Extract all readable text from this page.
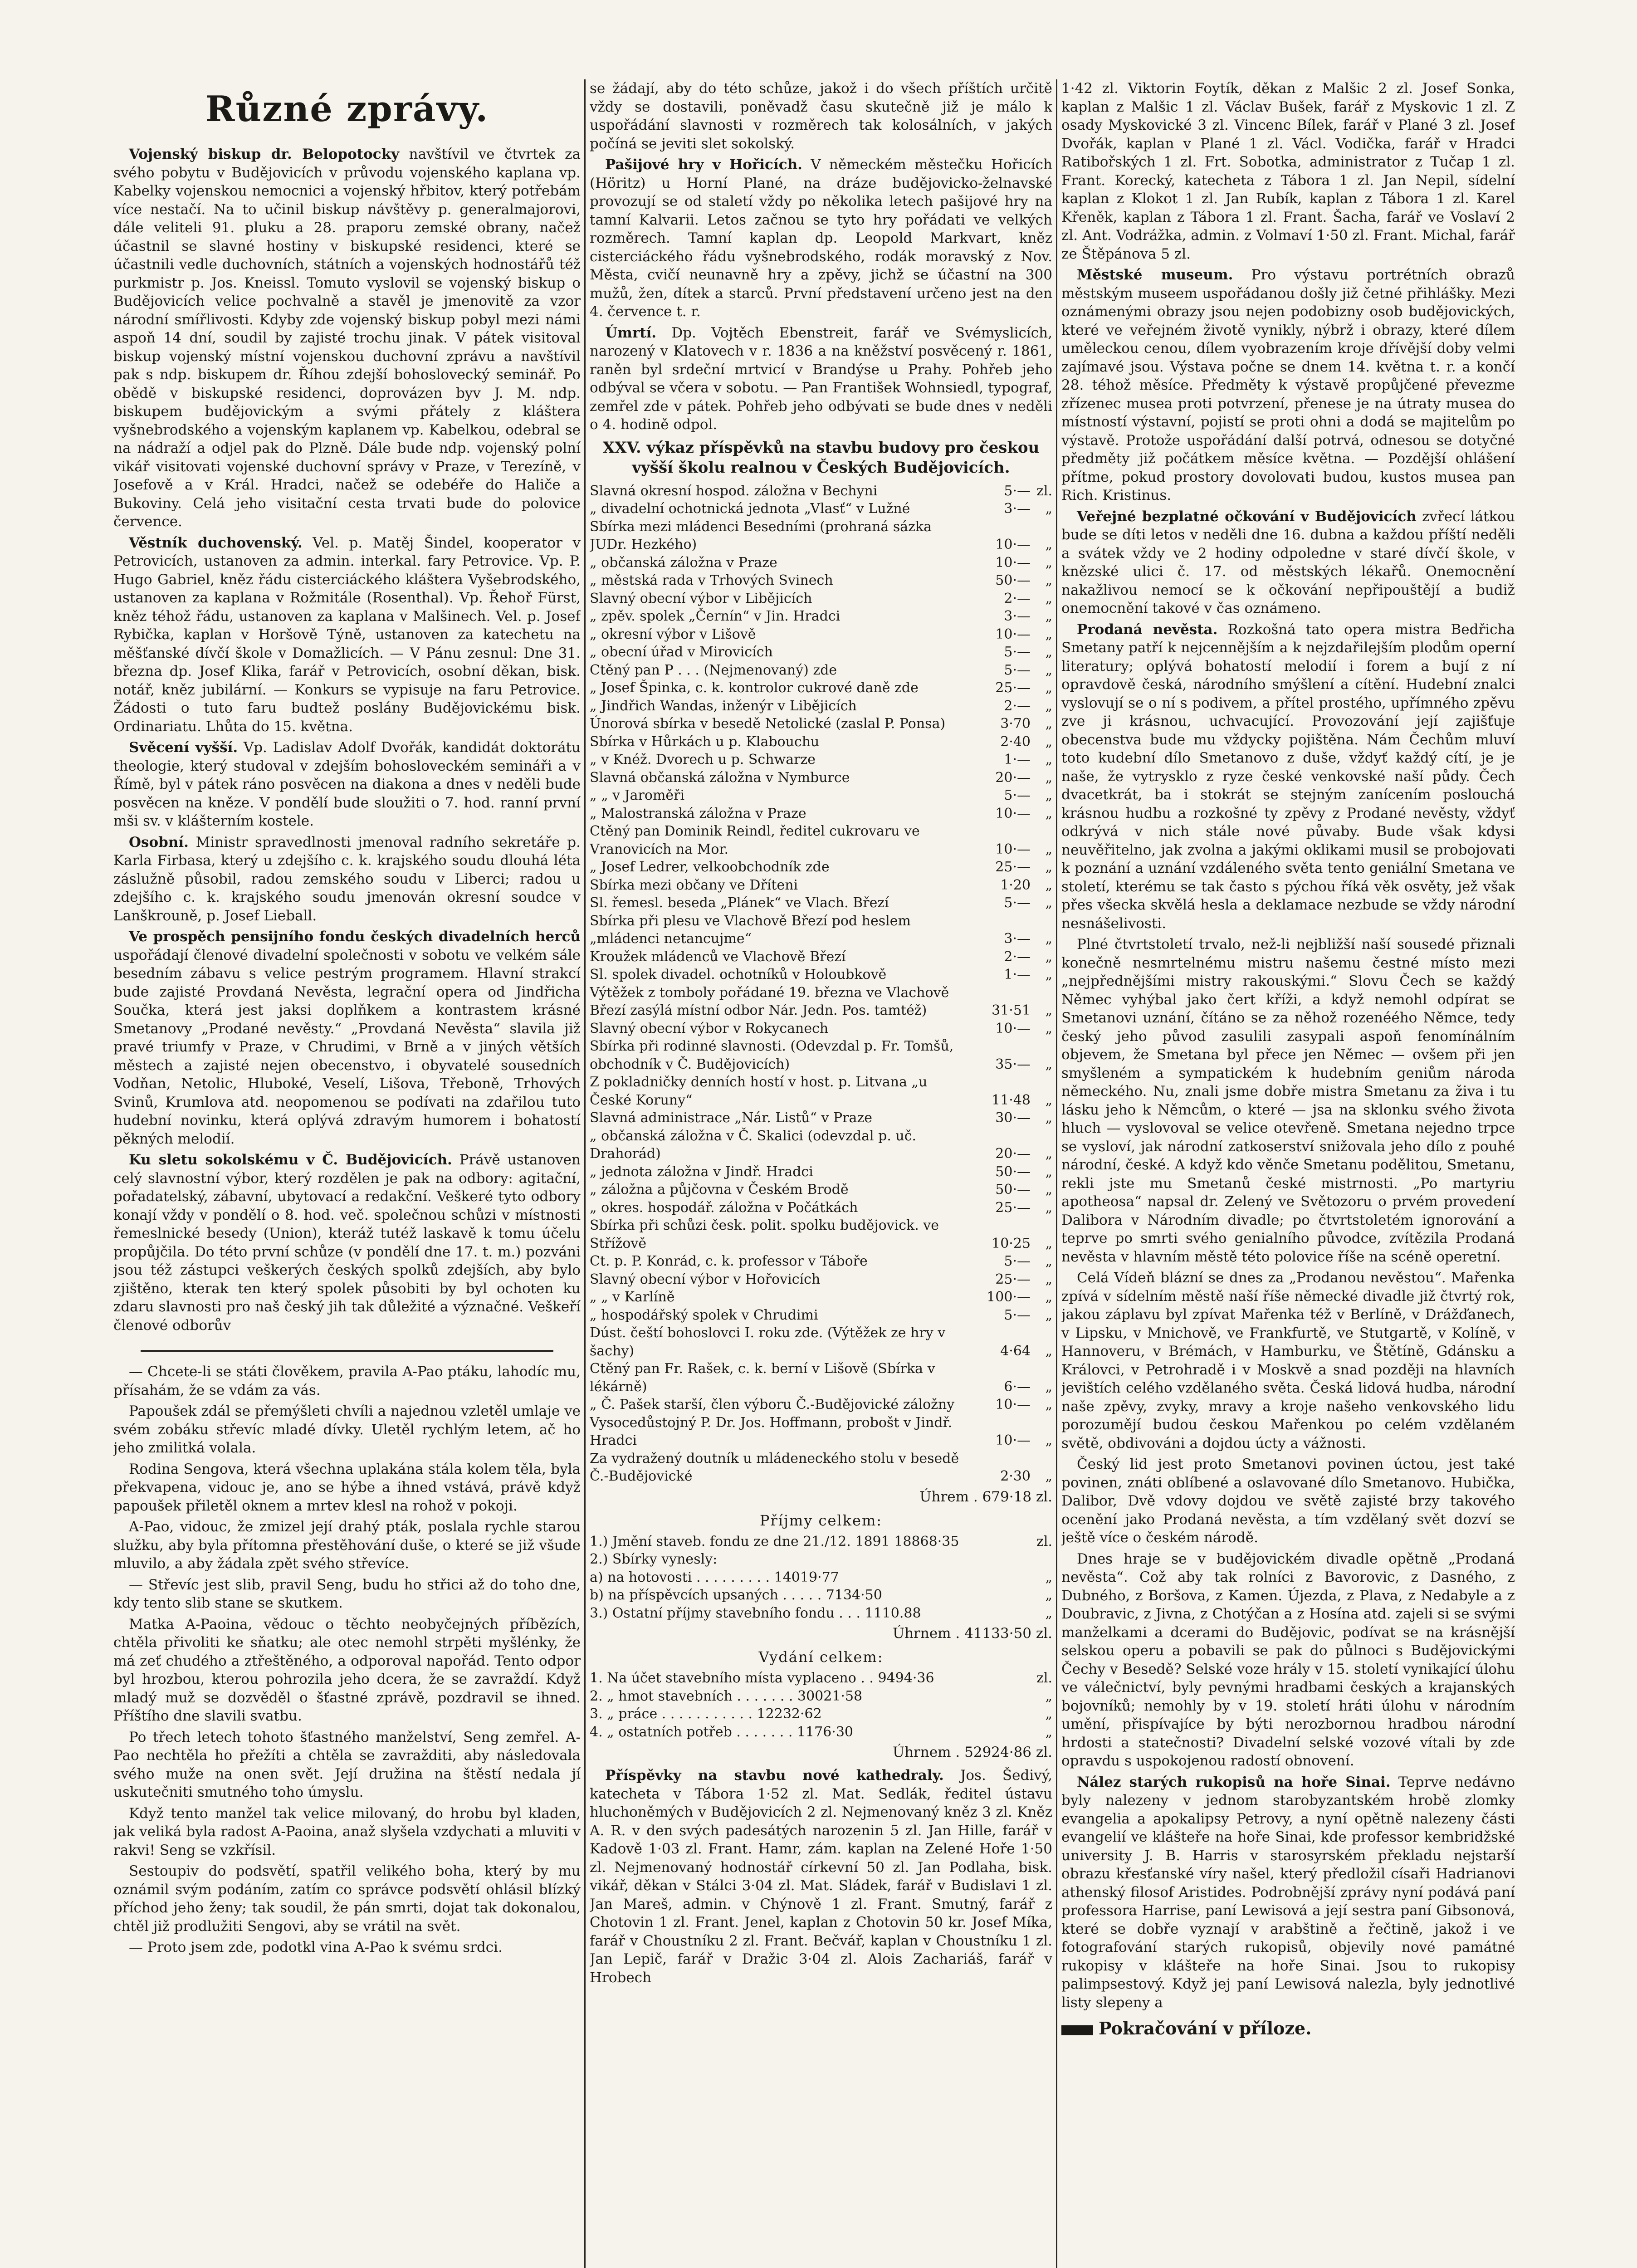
Různé zprávy.

Vojenský biskup dr. Belopotocky navštívil ve čtvrtek za svého pobytu v Budějovicích v průvodu vojenského kaplana vp. Kabelky vojenskou nemocnici a vojenský hřbitov, který potřebám více nestačí. Na to učinil biskup návštěvy p. generalmajorovi, dále veliteli 91. pluku a 28. praporu zemské obrany, načež účastnil se slavné hostiny v biskupské residenci, které se účastnili vedle duchovních, státních a vojenských hodnostářů též purkmistr p. Jos. Kneissl. Tomuto vyslovil se vojenský biskup o Budějovicích velice pochvalně a stavěl je jmenovitě za vzor národní smířlivosti. Kdyby zde vojenský biskup pobyl mezi námi aspoň 14 dní, soudil by zajisté trochu jinak. V pátek visitoval biskup vojenský místní vojenskou duchovní zprávu a navštívil pak s ndp. biskupem dr. Říhou zdejší bohoslovecký seminář. Po obědě v biskupské residenci, doprovázen byv J. M. ndp. biskupem budějovickým a svými přátely z kláštera vyšnebrodského a vojenským kaplanem vp. Kabelkou, odebral se na nádraží a odjel pak do Plzně. Dále bude ndp. vojenský polní vikář visitovati vojenské duchovní správy v Praze, v Terezíně, v Josefově a v Král. Hradci, načež se odebéře do Haliče a Bukoviny. Celá jeho visitační cesta trvati bude do polovice července.

Věstník duchovenský. Vel. p. Matěj Šindel, kooperator v Petrovicích, ustanoven za admin. interkal. fary Petrovice. Vp. P. Hugo Gabriel, kněz řádu cisterciáckého kláštera Vyšebrodského, ustanoven za kaplana v Rožmitále (Rosenthal). Vp. Řehoř Fürst, kněz téhož řádu, ustanoven za kaplana v Malšinech. Vel. p. Josef Rybička, kaplan v Horšově Týně, ustanoven za katechetu na měšťanské dívčí škole v Domažlicích. — V Pánu zesnul: Dne 31. března dp. Josef Klika, farář v Petrovicích, osobní děkan, bisk. notář, kněz jubilární. — Konkurs se vypisuje na faru Petrovice. Žádosti o tuto faru budtež poslány Budějovickému bisk. Ordinariatu. Lhůta do 15. května.

Svěcení vyšší. Vp. Ladislav Adolf Dvořák, kandidát doktorátu theologie, který studoval v zdejším bohosloveckém semináři a v Římě, byl v pátek ráno posvěcen na diakona a dnes v neděli bude posvěcen na kněze. V pondělí bude sloužiti o 7. hod. ranní první mši sv. v klášterním kostele.

Osobní. Ministr spravedlnosti jmenoval radního sekretáře p. Karla Firbasa, který u zdejšího c. k. krajského soudu dlouhá léta záslužně působil, radou zemského soudu v Liberci; radou u zdejšího c. k. krajského soudu jmenován okresní soudce v Lanškrouně, p. Josef Lieball.

Ve prospěch pensijního fondu českých divadelních herců uspořádají členové divadelní společnosti v sobotu ve velkém sále besedním zábavu s velice pestrým programem. Hlavní strakcí bude zajisté Provdaná Nevěsta, legrační opera od Jindřicha Součka, která jest jaksi doplňkem a kontrastem krásné Smetanovy „Prodané nevěsty.“ „Provdaná Nevěsta“ slavila již pravé triumfy v Praze, v Chrudimi, v Brně a v jiných větších městech a zajisté nejen obecenstvo, i obyvatelé sousedních Vodňan, Netolic, Hluboké, Veselí, Lišova, Třeboně, Trhových Svinů, Krumlova atd. neopomenou se podívati na zdařilou tuto hudební novinku, která oplývá zdravým humorem i bohatostí pěkných melodií.

Ku sletu sokolskému v Č. Budějovicích. Právě ustanoven celý slavnostní výbor, který rozdělen je pak na odbory: agitační, pořadatelský, zábavní, ubytovací a redakční. Veškeré tyto odbory konají vždy v pondělí o 8. hod. več. společnou schůzi v místnosti řemeslnické besedy (Union), kteráž tutéž laskavě k tomu účelu propůjčila. Do této první schůze (v pondělí dne 17. t. m.) pozváni jsou též zástupci veškerých českých spolků zdejších, aby bylo zjištěno, kterak ten který spolek působiti by byl ochoten ku zdaru slavnosti pro naš český jih tak důležité a význačné. Veškeří členové odborův

— Chcete-li se státi člověkem, pravila A-Pao ptáku, lahodíc mu, přísahám, že se vdám za vás.

Papoušek zdál se přemýšleti chvíli a najednou vzletěl umlaje ve svém zobáku střevíc mladé dívky. Uletěl rychlým letem, ač ho jeho zmilitká volala.

Rodina Sengova, která všechna uplakána stála kolem těla, byla překvapena, vidouc je, ano se hýbe a ihned vstává, právě když papoušek přiletěl oknem a mrtev klesl na rohož v pokoji.

A-Pao, vidouc, že zmizel její drahý pták, poslala rychle starou služku, aby byla přítomna přestěhování duše, o které se již všude mluvilo, a aby žádala zpět svého střevíce.

— Střevíc jest slib, pravil Seng, budu ho střici až do toho dne, kdy tento slib stane se skutkem.

Matka A-Paoina, vědouc o těchto neobyčejných příbězích, chtěla přivoliti ke sňatku; ale otec nemohl strpěti myšlénky, že má zeť chudého a ztřeštěného, a odporoval napořád. Tento odpor byl hrozbou, kterou pohrozila jeho dcera, že se zavraždí. Když mladý muž se dozvěděl o šťastné zprávě, pozdravil se ihned. Příštího dne slavili svatbu.

Po třech letech tohoto šťastného manželství, Seng zemřel. A-Pao nechtěla ho přežíti a chtěla se zavražditi, aby následovala svého muže na onen svět. Její družina na štěstí nedala jí uskutečniti smutného toho úmyslu.

Když tento manžel tak velice milovaný, do hrobu byl kladen, jak veliká byla radost A-Paoina, anaž slyšela vzdychati a mluviti v rakvi! Seng se vzkřísil.

Sestoupiv do podsvětí, spatřil velikého boha, který by mu oznámil svým podáním, zatím co správce podsvětí ohlásil blízký příchod jeho ženy; tak soudil, že pán smrti, dojat tak dokonalou, chtěl již prodlužiti Sengovi, aby se vrátil na svět.

— Proto jsem zde, podotkl vina A-Pao k svému srdci.

se žádají, aby do této schůze, jakož i do všech příštích určitě vždy se dostavili, poněvadž času skutečně již je málo k uspořádání slavnosti v rozměrech tak kolosálních, v jakých počíná se jeviti slet sokolský.

Pašijové hry v Hořicích. V německém městečku Hořicích (Höritz) u Horní Plané, na dráze budějovicko-želnavské provozují se od staletí vždy po několika letech pašijové hry na tamní Kalvarii. Letos začnou se tyto hry pořádati ve velkých rozměrech. Tamní kaplan dp. Leopold Markvart, kněz cisterciáckého řádu vyšnebrodského, rodák moravský z Nov. Města, cvičí neunavně hry a zpěvy, jichž se účastní na 300 mužů, žen, dítek a starců. První představení určeno jest na den 4. července t. r.

Úmrtí. Dp. Vojtěch Ebenstreit, farář ve Svémyslicích, narozený v Klatovech v r. 1836 a na kněžství posvěcený r. 1861, raněn byl srdeční mrtvicí v Brandýse u Prahy. Pohřeb jeho odbýval se včera v sobotu. — Pan František Wohnsiedl, typograf, zemřel zde v pátek. Pohřeb jeho odbývati se bude dnes v neděli o 4. hodině odpol.

XXV. výkaz příspěvků na stavbu budovy pro českou vyšší školu realnou v Českých Budějovicích.
Slavná okresní hospod. záložna v Bechyni	5·— zl.
„ divadelní ochotnická jednota „Vlasť“ v Lužné	3·—	„
Sbírka mezi mládenci Besedními (prohraná sázka JUDr. Hezkého)	10·—	„
„ občanská záložna v Praze	10·—	„
„ městská rada v Trhových Svinech	50·—	„
Slavný obecní výbor v Liběјicích	2·—	„
„ zpěv. spolek „Černín“ v Jin. Hradci	3·—	„
„ okresní výbor v Lišově	10·—	„
„ obecní úřad v Mirovicích	5·—	„
Ctěný pan P . . . (Nejmenovaný) zde	5·—	„
„ Josef Špinka, c. k. kontrolor cukrové daně zde	25·—	„
„ Jindřich Wandas, inženýr v Liběјicích	2·—	„
Únorová sbírka v besedě Netolické (zaslal P. Ponsa)	3·70	„
Sbírka v Hůrkách u p. Klabouchu	2·40	„
„ v Knéž. Dvorech u p. Schwarze	1·—	„
Slavná občanská záložna v Nymburce	20·—	„
„ „ v Jaroměři	5·—	„
„ Malostranská záložna v Praze	10·—	„
Ctěný pan Dominik Reindl, ředitel cukrovaru ve Vranovicích na Mor.	10·—	„
„ Josef Ledrer, velkoobchodník zde	25·—	„
Sbírka mezi občany ve Dříteni	1·20	„
Sl. řemesl. beseda „Plánek“ ve Vlach. Březí	5·—	„
Sbírka při plesu ve Vlachově Březí pod heslem „mládenci netancujme“	3·—	„
Kroužek mládenců ve Vlachově Březí	2·—	„
Sl. spolek divadel. ochotníků v Holoubkově	1·—	„
Výtěžek z tomboly pořádané 19. března ve Vlachově Březí zasýlá místní odbor Nár. Jedn. Pos. tamtéž)	31·51	„
Slavný obecní výbor v Rokycanech	10·—	„
Sbírka při rodinné slavnosti. (Odevzdal p. Fr. Tomšů, obchodník v Č. Budějovicích)	35·—	„
Z pokladničky denních hostí v host. p. Litvana „u České Koruny“	11·48	„
Slavná administrace „Nár. Listů“ v Praze	30·—	„
„ občanská záložna v Č. Skalici (odevzdal p. uč. Drahorád)	20·—	„
„ jednota záložna v Jindř. Hradci	50·—	„
„ záložna a půjčovna v Českém Brodě	50·—	„
„ okres. hospodář. záložna v Počátkách	25·—	„
Sbírka při schůzi česk. polit. spolku budějovick. ve Střížově	10·25	„
Ct. p. P. Konrád, c. k. professor v Táboře	5·—	„
Slavný obecní výbor v Hořovicích	25·—	„
„ „ v Karlíně	100·—	„
„ hospodářský spolek v Chrudimi	5·—	„
Dúst. čeští bohoslovci I. roku zde. (Výtěžek ze hry v šachy)	4·64	„
Ctěný pan Fr. Rašek, c. k. berní v Lišově (Sbírka v lékárně)	6·—	„
„ Č. Pašek starší, člen výboru Č.-Budějovické záložny	10·—	„
Vysocedůstojný P. Dr. Jos. Hoffmann, probošt v Jindř. Hradci	10·—	„
Za vydražený doutník u mládeneckého stolu v besedě Č.-Budějovické	2·30	„
Úhrem . 679·18 zl.
Příjmy celkem:
1.) Jmění staveb. fondu ze dne 21./12. 1891 18868·35	zl.
2.) Sbírky vynesly:
a) na hotovosti . . . . . . . . . 14019·77	„
b) na příspěvcích upsaných . . . . . 7134·50	„
3.) Ostatní příjmy stavebního fondu . . . 1110.88	„
Úhrnem . 41133·50 zl.
Vydání celkem:
1. Na účet stavebního místa vyplaceno . . 9494·36	zl.
2. „ hmot stavebních . . . . . . . 30021·58	„
3. „ práce . . . . . . . . . . . 12232·62	„
4. „ ostatních potřeb . . . . . . . 1176·30	„
Úhrnem . 52924·86 zl.

Příspěvky na stavbu nové kathedraly. Jos. Šedivý, katecheta v Tábora 1·52 zl. Mat. Sedlák, ředitel ústavu hluchoněmých v Budějovicích 2 zl. Nejmenovaný kněz 3 zl. Kněz A. R. v den svých padesátých narozenin 5 zl. Jan Hille, farář v Kadově 1·03 zl. Frant. Hamr, zám. kaplan na Zelené Hoře 1·50 zl. Nejmenovaný hodnostář církevní 50 zl. Jan Podlaha, bisk. vikář, děkan v Stálci 3·04 zl. Mat. Sládek, farář v Budislavi 1 zl. Jan Mareš, admin. v Chýnově 1 zl. Frant. Smutný, farář z Chotovin 1 zl. Frant. Jenel, kaplan z Chotovin 50 kr. Josef Míka, farář v Choustníku 2 zl. Frant. Bečvář, kaplan v Choustníku 1 zl. Jan Lepič, farář v Dražic 3·04 zl. Alois Zachariáš, farář v Hrobech

1·42 zl. Viktorin Foytík, děkan z Malšic 2 zl. Josef Sonka, kaplan z Malšic 1 zl. Václav Bušek, farář z Myskovic 1 zl. Z osady Myskovické 3 zl. Vincenc Bílek, farář v Plané 3 zl. Josef Dvořák, kaplan v Plané 1 zl. Václ. Vodička, farář v Hradci Ratibořských 1 zl. Frt. Sobotka, administrator z Tučap 1 zl. Frant. Korecký, katecheta z Tábora 1 zl. Jan Nepil, sídelní kaplan z Klokot 1 zl. Jan Rubík, kaplan z Tábora 1 zl. Karel Křeněk, kaplan z Tábora 1 zl. Frant. Šacha, farář ve Voslaví 2 zl. Ant. Vodrážka, admin. z Volmaví 1·50 zl. Frant. Michal, farář ze Štěpánova 5 zl.

Městské museum. Pro výstavu portrétních obrazů městským museem uspořádanou došly již četné přihlášky. Mezi oznámenými obrazy jsou nejen podobizny osob budějovických, které ve veřejném životě vynikly, nýbrž i obrazy, které dílem uměleckou cenou, dílem vyobrazením kroje dřívější doby velmi zajímavé jsou. Výstava počne se dnem 14. května t. r. a končí 28. téhož měsíce. Předměty k výstavě propůjčené převezme zřízenec musea proti potvrzení, přenese je na útraty musea do místností výstavní, pojistí se proti ohni a dodá se majitelům po výstavě. Protože uspořádání další potrvá, odnesou se dotyčné předměty již počátkem měsíce května. — Pozdější ohlášení přítme, pokud prostory dovolovati budou, kustos musea pan Rich. Kristinus.

Veřejné bezplatné očkování v Budějovicích zvřecí látkou bude se díti letos v neděli dne 16. dubna a každou příští neděli a svátek vždy ve 2 hodiny odpoledne v staré dívčí škole, v knězské ulici č. 17. od městských lékařů. Onemocnění nakažlivou nemocí se k očkování nepřipouštějí a budiž onemocnění takové v čas oznámeno.

Prodaná nevěsta. Rozkošná tato opera mistra Bedřicha Smetany patří k nejcennějším a k nejzdařilejším plodům operní literatury; oplývá bohatostí melodií i forem a bují z ní opravdově česká, národního smýšlení a cítění. Hudební znalci vyslovují se o ní s podivem, a přítel prostého, upřímného zpěvu zve ji krásnou, uchvacující. Provozování její zajišťuje obecenstva bude mu vždycky pojištěna. Nám Čechům mluví toto kudební dílo Smetanovo z duše, vždyť každý cítí, je je naše, že vytrysklo z ryze české venkovské naší půdy. Čech dvacetkrát, ba i stokrát se stejným zanícením poslouchá krásnou hudbu a rozkošné ty zpěvy z Prodané nevěsty, vždyť odkrývá v nich stále nové půvaby. Bude však kdysi neuvěřitelno, jak zvolna a jakými oklikami musil se probojovati k poznání a uznání vzdáleného světa tento geniální Smetana ve století, kterému se tak často s pýchou říká věk osvěty, jež však přes všecka skvělá hesla a deklamace nezbude se vždy národní nesnášelivosti.

Plné čtvrtstoletí trvalo, než-li nejbližší naší sousedé přiznali konečně nesmrtelnému mistru našemu čestné místo mezi „nejpřednějšími mistry rakouskými.“ Slovu Čech se každý Němec vyhýbal jako čert kříži, a když nemohl odpírat se Smetanovi uznání, čítáno se za něhož rozenéého Němce, tedy český jeho původ zasulili zasypali aspoň fenomínálním objevem, že Smetana byl přece jen Němec — ovšem při jen smyšleném a sympatickém k hudebním geniům národa německého. Nu, znali jsme dobře mistra Smetanu za živa i tu lásku jeho k Němcům, o které — jsa na sklonku svého života hluch — vyslovoval se velice otevřeně. Smetana nejedno trpce se vysloví, jak národní zatkoserství snižovala jeho dílo z pouhé národní, české. A když kdo věnče Smetanu podělitou, Smetanu, rekli jste mu Smetanů české mistrnosti. „Po martyriu apotheosa“ napsal dr. Zelený ve Světozoru o prvém provedení Dalibora v Národním divadle; po čtvrtstoletém ignorování a teprve po smrti svého genialního původce, zvítězila Prodaná nevěsta v hlavním městě této polovice říše na scéně operetní.

Celá Vídeň blázní se dnes za „Prodanou nevěstou“. Mařenka zpívá v sídelním městě naší říše německé divadle již čtvrtý rok, jakou záplavu byl zpívat Mařenka též v Berlíně, v Drážďanech, v Lipsku, v Mnichově, ve Frankfurtě, ve Stutgartě, v Kolíně, v Hannoveru, v Brémách, v Hamburku, ve Štětíně, Gdánsku a Královci, v Petrohradě i v Moskvě a snad později na hlavních jevištích celého vzdělaného světa. Česká lidová hudba, národní naše zpěvy, zvyky, mravy a kroje našeho venkovského lidu porozumějí budou českou Mařenkou po celém vzdělaném světě, obdivováni a dojdou úcty a vážnosti.

Český lid jest proto Smetanovi povinen úctou, jest také povinen, znáti oblíbené a oslavované dílo Smetanovo. Hubička, Dalibor, Dvě vdovy dojdou ve světě zajisté brzy takového ocenění jako Prodaná nevěsta, a tím vzdělaný svět dozví se ještě více o českém národě.

Dnes hraje se v budějovickém divadle opětně „Prodaná nevěsta“. Což aby tak rolníci z Bavorovic, z Dasného, z Dubného, z Boršova, z Kamen. Újezda, z Plava, z Nedabyle a z Doubravic, z Jivna, z Chotýčan a z Hosína atd. zajeli si se svými manželkami a dcerami do Budějovic, podívat se na krásnější selskou operu a pobavili se pak do půlnoci s Budějovickými Čechy v Besedě? Selské voze hrály v 15. století vynikající úlohu ve válečnictví, byly pevnými hradbami českých a krajanských bojovníků; nemohly by v 19. století hráti úlohu v národním umění, přispívajíce by býti nerozbornou hradbou národní hrdosti a statečnosti? Divadelní selské vozové vítali by zde opravdu s uspokojenou radostí obnovení.

Nález starých rukopisů na hoře Sinai. Teprve nedávno byly nalezeny v jednom starobyzantském hrobě zlomky evangelia a apokalipsy Petrovy, a nyní opětně nalezeny části evangelií ve klášteře na hoře Sinai, kde professor kembridžské university J. B. Harris v starosyrském překladu nejstarší obrazu křesťanské víry našel, který předložil císaři Hadrianovi athenský filosof Aristides. Podrobnější zprávy nyní podává paní professora Harrise, paní Lewisová a její sestra paní Gibsonová, které se dobře vyznají v arabštině a řečtině, jakož i ve fotografování starých rukopisů, objevily nové památné rukopisy v klášteře na hoře Sinai. Jsou to rukopisy palimpsestový. Když jej paní Lewisová nalezla, byly jednotlivé listy slepeny a

Pokračování v příloze.
